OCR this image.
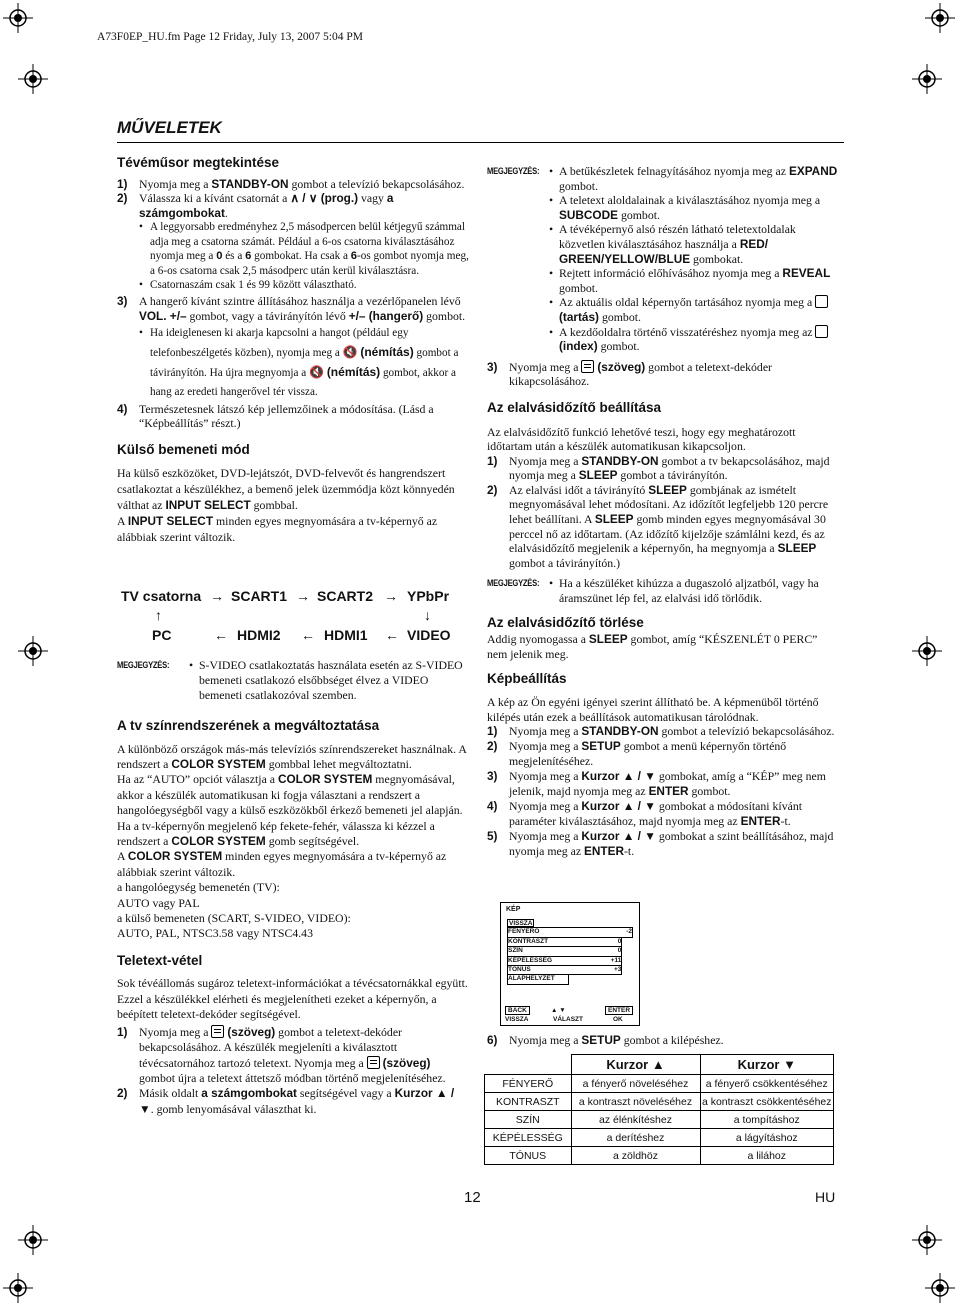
A73F0EP_HU.fm Page 12 Friday, July 13, 2007 5:04 PM
MŰVELETEK

Tévéműsor megtekintése

1) Nyomja meg a STANDBY-ON gombot a televízió bekapcsolásához.
2) Válassza ki a kívánt csatornát a ∧ / ∨ (prog.) vagy a számgombokat.
• A leggyorsabb eredményhez 2,5 másodpercen belül kétjegyű számmal adja meg a csatorna számát. Például a 6-os csatorna kiválasztásához nyomja meg a 0 és a 6 gombokat. Ha csak a 6-os gombot nyomja meg, a 6-os csatorna csak 2,5 másodperc után kerül kiválasztásra.
• Csatornaszám csak 1 és 99 között választható.
3) A hangerő kívánt szintre állításához használja a vezérlőpanelen lévő VOL. +/– gombot, vagy a távirányítón lévő +/– (hangerő) gombot.
• Ha ideiglenesen ki akarja kapcsolni a hangot (például egy telefonbeszélgetés közben), nyomja meg a 🔇 (némítás) gombot a távirányítón. Ha újra megnyomja a 🔇 (némítás) gombot, akkor a hang az eredeti hangerővel tér vissza.
4) Természetesnek látszó kép jellemzőinek a módosítása. (Lásd a “Képbeállítás” részt.)

Külső bemeneti mód

Ha külső eszközöket, DVD-lejátszót, DVD-felvevőt és hangrendszert csatlakoztat a készülékhez, a bemenő jelek üzemmódja közt könnyedén válthat az INPUT SELECT gombbal.

A INPUT SELECT minden egyes megnyomására a tv-képernyő az alábbiak szerint változik.

TV csatorna → SCART1 → SCART2 → YPbPr
↑	↓
PC	← HDMI2 ← HDMI1 ← VIDEO
MEGJEGYZÉS:	• S-VIDEO csatlakoztatás használata esetén az S-VIDEO bemeneti csatlakozó elsőbbséget élvez a VIDEO bemeneti csatlakozóval szemben.

A tv színrendszerének a megváltoztatása

A különböző országok más-más televíziós színrendszereket használnak. A rendszert a COLOR SYSTEM gombbal lehet megváltoztatni.

Ha az “AUTO” opciót választja a COLOR SYSTEM megnyomásával, akkor a készülék automatikusan ki fogja választani a rendszert a hangolóegységből vagy a külső eszközökből érkező bemeneti jel alapján.

Ha a tv-képernyőn megjelenő kép fekete-fehér, válassza ki kézzel a rendszert a COLOR SYSTEM gomb segítségével.

A COLOR SYSTEM minden egyes megnyomására a tv-képernyő az alábbiak szerint változik.

a hangolóegység bemenetén (TV):

AUTO vagy PAL

a külső bemeneten (SCART, S-VIDEO, VIDEO):

AUTO, PAL, NTSC3.58 vagy NTSC4.43

Teletext-vétel

Sok tévéállomás sugároz teletext-információkat a tévécsatornákkal együtt. Ezzel a készülékkel elérheti és megjelenítheti ezeket a képernyőn, a beépített teletext-dekóder segítségével.

1) Nyomja meg a  (szöveg) gombot a teletext-dekóder bekapcsolásához. A készülék megjeleníti a kiválasztott tévécsatornához tartozó teletext. Nyomja meg a  (szöveg) gombot újra a teletext áttetsző módban történő megjelenítéséhez.
2) Másik oldalt a számgombokat segítségével vagy a Kurzor ▲ / ▼. gomb lenyomásával választhat ki.
MEGJEGYZÉS:	• A betűkészletek felnagyításához nyomja meg az EXPAND gombot.
• A teletext aloldalainak a kiválasztásához nyomja meg a SUBCODE gombot.
• A tévéképernyő alsó részén látható teletextoldalak közvetlen kiválasztásához használja a RED/ GREEN/YELLOW/BLUE gombokat.
• Rejtett információ előhívásához nyomja meg a REVEAL gombot.
• Az aktuális oldal képernyőn tartásához nyomja meg a  (tartás) gombot.
• A kezdőoldalra történő visszatéréshez nyomja meg az  (index) gombot.
3) Nyomja meg a  (szöveg) gombot a teletext-dekóder kikapcsolásához.

Az elalvásidőzítő beállítása

Az elalvásidőzítő funkció lehetővé teszi, hogy egy meghatározott időtartam után a készülék automatikusan kikapcsoljon.

1) Nyomja meg a STANDBY-ON gombot a tv bekapcsolásához, majd nyomja meg a SLEEP gombot a távirányítón.
2) Az elalvási időt a távirányító SLEEP gombjának az ismételt megnyomásával lehet módosítani. Az időzítőt legfeljebb 120 percre lehet beállítani. A SLEEP gomb minden egyes megnyomásával 30 perccel nő az időtartam. (Az időzítő kijelzője számlálni kezd, és az elalvásidőzítő megjelenik a képernyőn, ha megnyomja a SLEEP gombot a távirányítón.)
MEGJEGYZÉS:	• Ha a készüléket kihúzza a dugaszoló aljzatból, vagy ha áramszünet lép fel, az elalvási idő törlődik.

Az elalvásidőzítő törlése

Addig nyomogassa a SLEEP gombot, amíg “KÉSZENLÉT 0 PERC” nem jelenik meg.

Képbeállítás

A kép az Ön egyéni igényei szerint állítható be. A képmenüből történő kilépés után ezek a beállítások automatikusan tárolódnak.

1) Nyomja meg a STANDBY-ON gombot a televízió bekapcsolásához.
2) Nyomja meg a SETUP gombot a menü képernyőn történő megjelenítéséhez.
3) Nyomja meg a Kurzor ▲ / ▼ gombokat, amíg a “KÉP” meg nem jelenik, majd nyomja meg az ENTER gombot.
4) Nyomja meg a Kurzor ▲ / ▼ gombokat a módosítani kívánt paraméter kiválasztásához, majd nyomja meg az ENTER-t.
5) Nyomja meg a Kurzor ▲ / ▼ gombokat a szint beállításához, majd nyomja meg az ENTER-t.
KÉP
VISSZA
FÉNYERŐ	-2
KONTRASZT	0
SZÍN	0
KÉPÉLESSÉG	+11
TÓNUS	+3
ALAPHELYZET
BACK
VISSZA
▲ ▼
VÁLASZT
ENTER
OK
6) Nyomja meg a SETUP gombot a kilépéshez.
	Kurzor ▲	Kurzor ▼
FÉNYERŐ	a fényerő növeléséhez	a fényerő csökkentéséhez
KONTRASZT	a kontraszt növeléséhez	a kontraszt csökkentéséhez
SZÍN	az élénkítéshez	a tompításhoz
KÉPÉLESSÉG	a derítéshez	a lágyításhoz
TÓNUS	a zöldhöz	a lilához
12	HU
